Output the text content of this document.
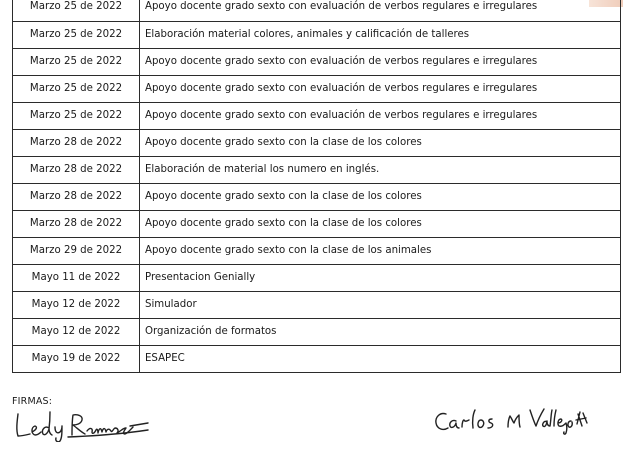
Marzo 25 de 2022	Apoyo docente grado sexto con evaluación de verbos regulares e irregulares
Marzo 25 de 2022	Elaboración material colores, animales y calificación de talleres
Marzo 25 de 2022	Apoyo docente grado sexto con evaluación de verbos regulares e irregulares
Marzo 25 de 2022	Apoyo docente grado sexto con evaluación de verbos regulares e irregulares
Marzo 25 de 2022	Apoyo docente grado sexto con evaluación de verbos regulares e irregulares
Marzo 28 de 2022	Apoyo docente grado sexto con la clase de los colores
Marzo 28 de 2022	Elaboración de material los numero en inglés.
Marzo 28 de 2022	Apoyo docente grado sexto con la clase de los colores
Marzo 28 de 2022	Apoyo docente grado sexto con la clase de los colores
Marzo 29 de 2022	Apoyo docente grado sexto con la clase de los animales
Mayo 11 de 2022	Presentacion Genially
Mayo 12 de 2022	Simulador
Mayo 12 de 2022	Organización de formatos
Mayo 19 de 2022	ESAPEC
FIRMAS:
